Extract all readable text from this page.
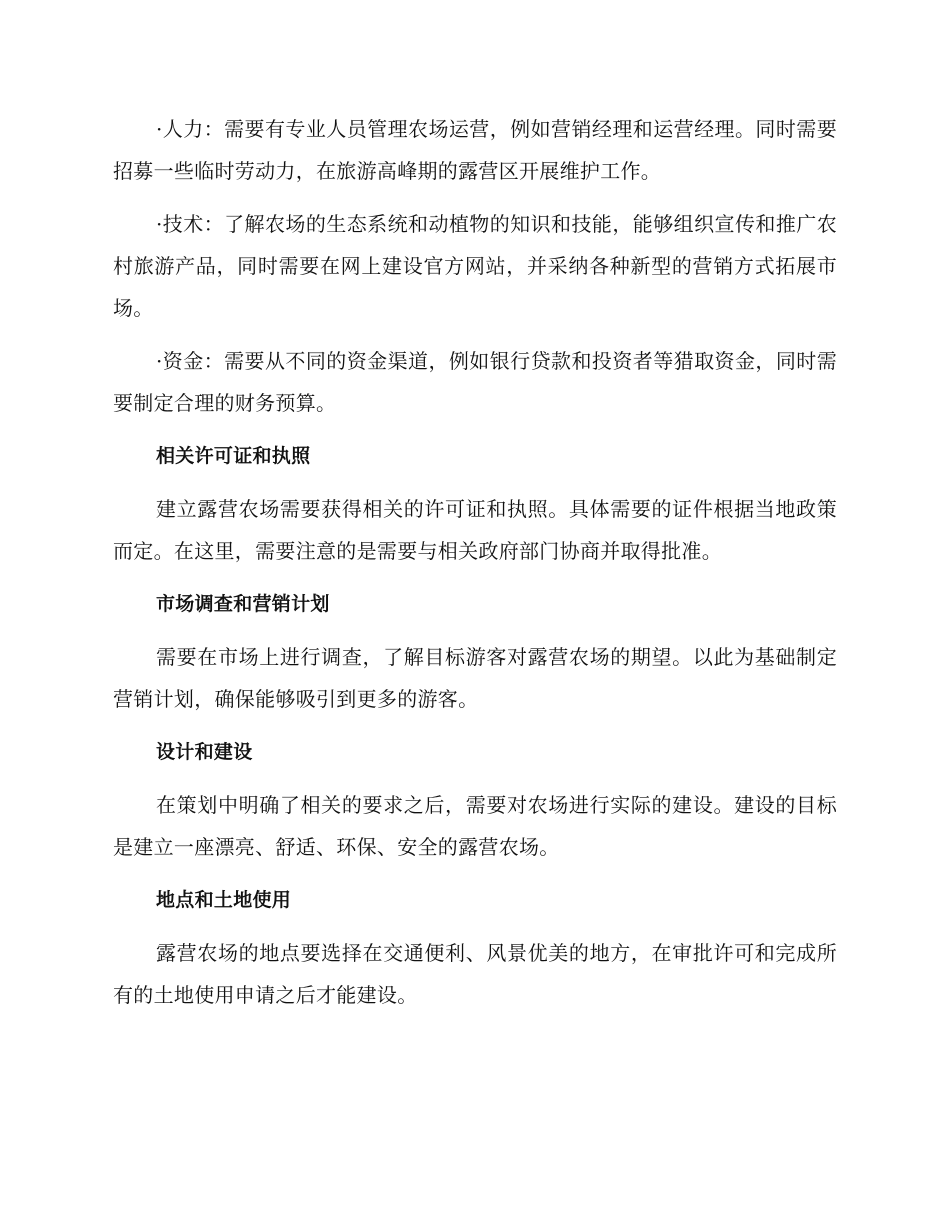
·人力：需要有专业人员管理农场运营，例如营销经理和运营经理。同时需要招募一些临时劳动力，在旅游高峰期的露营区开展维护工作。

·技术：了解农场的生态系统和动植物的知识和技能，能够组织宣传和推广农村旅游产品，同时需要在网上建设官方网站，并采纳各种新型的营销方式拓展市场。

·资金：需要从不同的资金渠道，例如银行贷款和投资者等猎取资金，同时需要制定合理的财务预算。

相关许可证和执照

建立露营农场需要获得相关的许可证和执照。具体需要的证件根据当地政策而定。在这里，需要注意的是需要与相关政府部门协商并取得批准。

市场调查和营销计划

需要在市场上进行调查，了解目标游客对露营农场的期望。以此为基础制定营销计划，确保能够吸引到更多的游客。

设计和建设

在策划中明确了相关的要求之后，需要对农场进行实际的建设。建设的目标是建立一座漂亮、舒适、环保、安全的露营农场。

地点和土地使用

露营农场的地点要选择在交通便利、风景优美的地方，在审批许可和完成所有的土地使用申请之后才能建设。
